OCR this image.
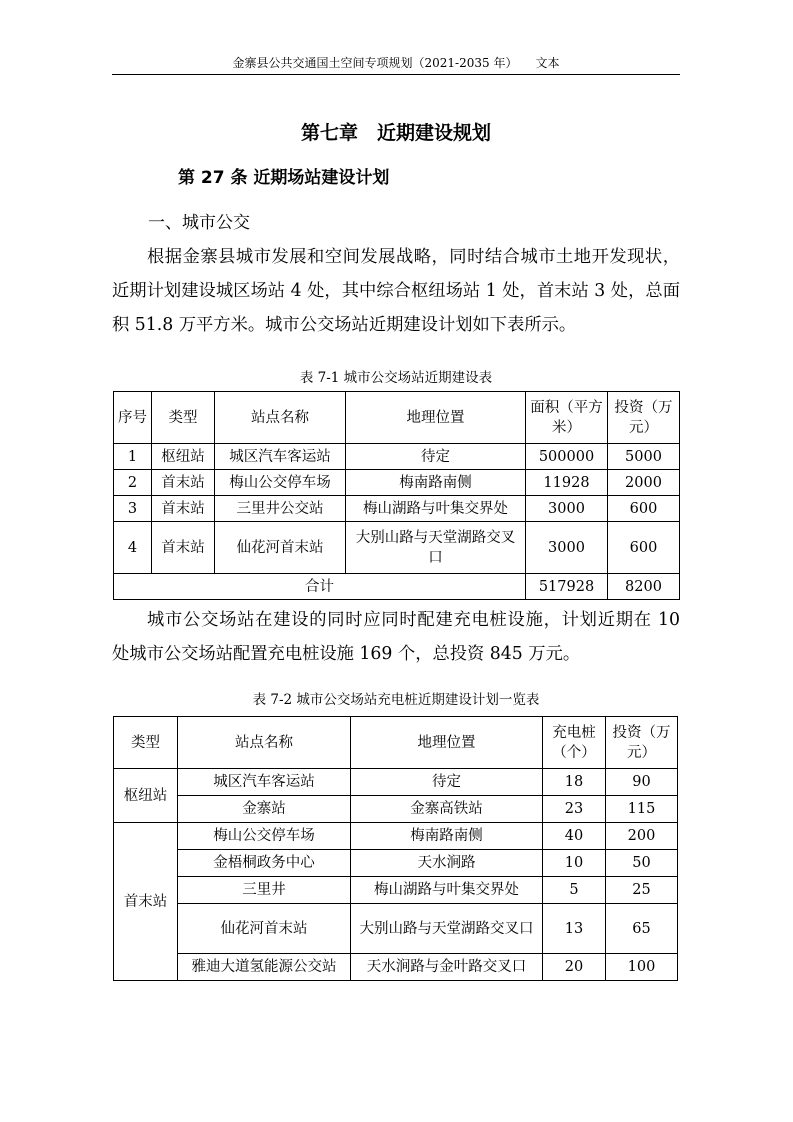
金寨县公共交通国土空间专项规划（2021-2035 年）　　文本
第七章　近期建设规划
第 27 条 近期场站建设计划
一、城市公交

根据金寨县城市发展和空间发展战略，同时结合城市土地开发现状，近期计划建设城区场站 4 处，其中综合枢纽场站 1 处，首末站 3 处，总面积 51.8 万平方米。城市公交场站近期建设计划如下表所示。

表 7-1 城市公交场站近期建设表
序号	类型	站点名称	地理位置	面积（平方米）	投资（万元）
1	枢纽站	城区汽车客运站	待定	500000	5000
2	首末站	梅山公交停车场	梅南路南侧	11928	2000
3	首末站	三里井公交站	梅山湖路与叶集交界处	3000	600
4	首末站	仙花河首末站	大别山路与天堂湖路交叉口	3000	600
合计				517928	8200

城市公交场站在建设的同时应同时配建充电桩设施，计划近期在 10 处城市公交场站配置充电桩设施 169 个，总投资 845 万元。

表 7-2 城市公交场站充电桩近期建设计划一览表
类型	站点名称	地理位置	充电桩（个）	投资（万元）
枢纽站	城区汽车客运站	待定	18	90
	金寨站	金寨高铁站	23	115
首末站	梅山公交停车场	梅南路南侧	40	200
	金梧桐政务中心	天水涧路	10	50
	三里井	梅山湖路与叶集交界处	5	25
	仙花河首末站	大别山路与天堂湖路交叉口	13	65
	雅迪大道氢能源公交站	天水涧路与金叶路交叉口	20	100
